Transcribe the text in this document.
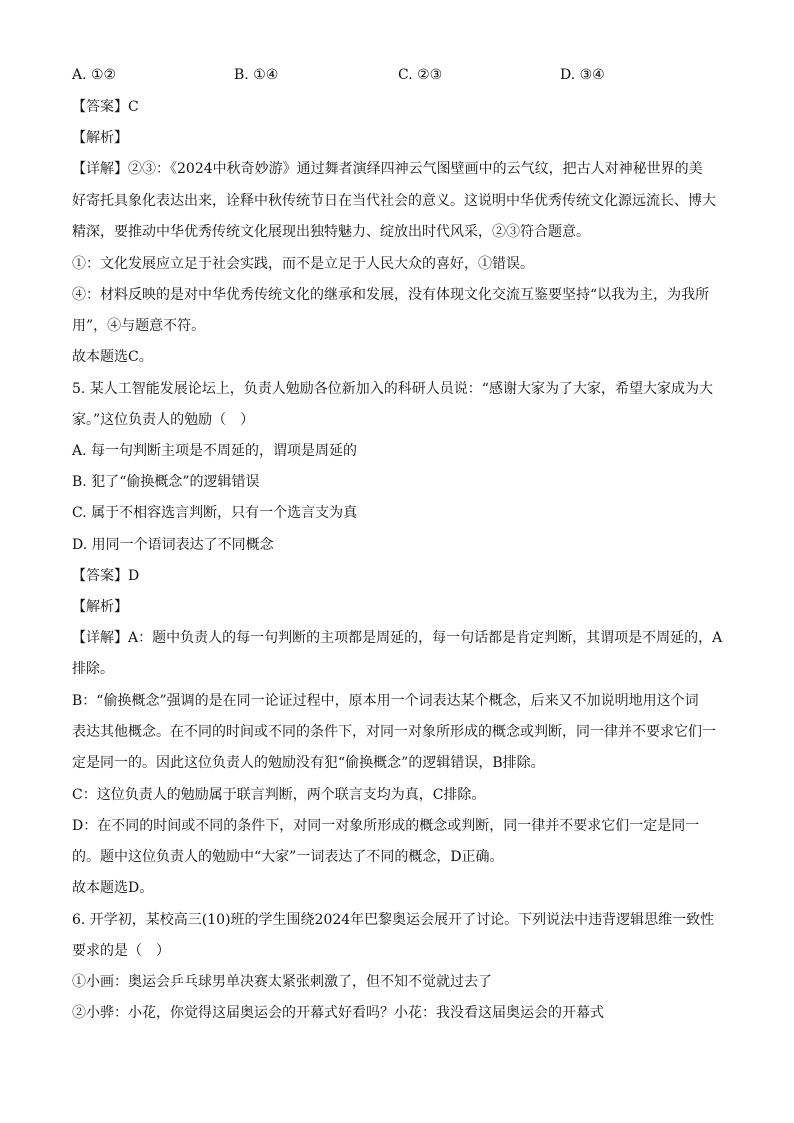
A. ①②	B. ①④	C. ②③	D. ③④
【答案】C
【解析】
【详解】②③：《2024中秋奇妙游》通过舞者演绎四神云气图壁画中的云气纹，把古人对神秘世界的美
好寄托具象化表达出来，诠释中秋传统节日在当代社会的意义。这说明中华优秀传统文化源远流长、博大
精深，要推动中华优秀传统文化展现出独特魅力、绽放出时代风采，②③符合题意。
①：文化发展应立足于社会实践，而不是立足于人民大众的喜好，①错误。
④：材料反映的是对中华优秀传统文化的继承和发展，没有体现文化交流互鉴要坚持“以我为主，为我所
用”，④与题意不符。
故本题选C。
5. 某人工智能发展论坛上，负责人勉励各位新加入的科研人员说：“感谢大家为了大家，希望大家成为大
家。”这位负责人的勉励（　）
A. 每一句判断主项是不周延的，谓项是周延的
B. 犯了“偷换概念”的逻辑错误
C. 属于不相容选言判断，只有一个选言支为真
D. 用同一个语词表达了不同概念
【答案】D
【解析】
【详解】A：题中负责人的每一句判断的主项都是周延的，每一句话都是肯定判断，其谓项是不周延的，A
排除。
B：“偷换概念”强调的是在同一论证过程中，原本用一个词表达某个概念，后来又不加说明地用这个词
表达其他概念。在不同的时间或不同的条件下，对同一对象所形成的概念或判断，同一律并不要求它们一
定是同一的。因此这位负责人的勉励没有犯“偷换概念”的逻辑错误，B排除。
C：这位负责人的勉励属于联言判断，两个联言支均为真，C排除。
D：在不同的时间或不同的条件下，对同一对象所形成的概念或判断，同一律并不要求它们一定是同一
的。题中这位负责人的勉励中“大家”一词表达了不同的概念，D正确。
故本题选D。
6. 开学初，某校高三(10)班的学生围绕2024年巴黎奥运会展开了讨论。下列说法中违背逻辑思维一致性
要求的是（　）
①小画：奥运会乒乓球男单决赛太紧张刺激了，但不知不觉就过去了
②小骅：小花，你觉得这届奥运会的开幕式好看吗？小花：我没看这届奥运会的开幕式
